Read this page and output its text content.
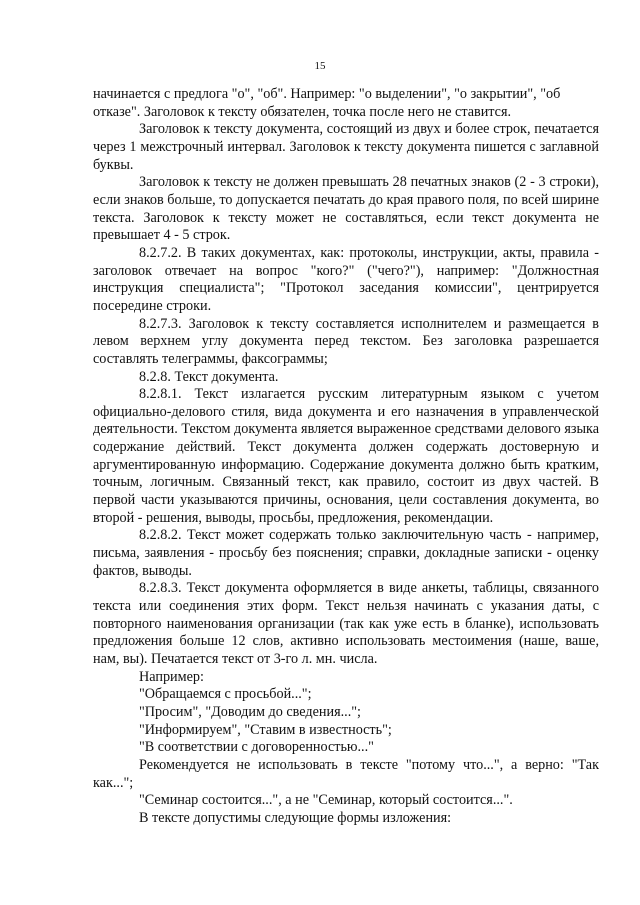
15

начинается с предлога "о", "об". Например: "о выделении", "о закрытии", "об отказе". Заголовок к тексту обязателен, точка после него не ставится.

Заголовок к тексту документа, состоящий из двух и более строк, печатается через 1 межстрочный интервал. Заголовок к тексту документа пишется с заглавной буквы.

Заголовок к тексту не должен превышать 28 печатных знаков (2 - 3 строки), если знаков больше, то допускается печатать до края правого поля, по всей ширине текста. Заголовок к тексту может не составляться, если текст документа не превышает 4 - 5 строк.

8.2.7.2. В таких документах, как: протоколы, инструкции, акты, правила - заголовок отвечает на вопрос "кого?" ("чего?"), например: "Должностная инструкция специалиста"; "Протокол заседания комиссии", центрируется посередине строки.

8.2.7.3. Заголовок к тексту составляется исполнителем и размещается в левом верхнем углу документа перед текстом. Без заголовка разрешается составлять телеграммы, факсограммы;

8.2.8. Текст документа.

8.2.8.1. Текст излагается русским литературным языком с учетом официально-делового стиля, вида документа и его назначения в управленческой деятельности. Текстом документа является выраженное средствами делового языка содержание действий. Текст документа должен содержать достоверную и аргументированную информацию. Содержание документа должно быть кратким, точным, логичным. Связанный текст, как правило, состоит из двух частей. В первой части указываются причины, основания, цели составления документа, во второй - решения, выводы, просьбы, предложения, рекомендации.

8.2.8.2. Текст может содержать только заключительную часть - например, письма, заявления - просьбу без пояснения; справки, докладные записки - оценку фактов, выводы.

8.2.8.3. Текст документа оформляется в виде анкеты, таблицы, связанного текста или соединения этих форм. Текст нельзя начинать с указания даты, с повторного наименования организации (так как уже есть в бланке), использовать предложения больше 12 слов, активно использовать местоимения (наше, ваше, нам, вы). Печатается текст от 3-го л. мн. числа.

Например:

"Обращаемся с просьбой...";

"Просим", "Доводим до сведения...";

"Информируем", "Ставим в известность";

"В соответствии с договоренностью..."

Рекомендуется не использовать в тексте "потому что...", а верно: "Так как...";

"Семинар состоится...", а не "Семинар, который состоится...".

В тексте допустимы следующие формы изложения:
